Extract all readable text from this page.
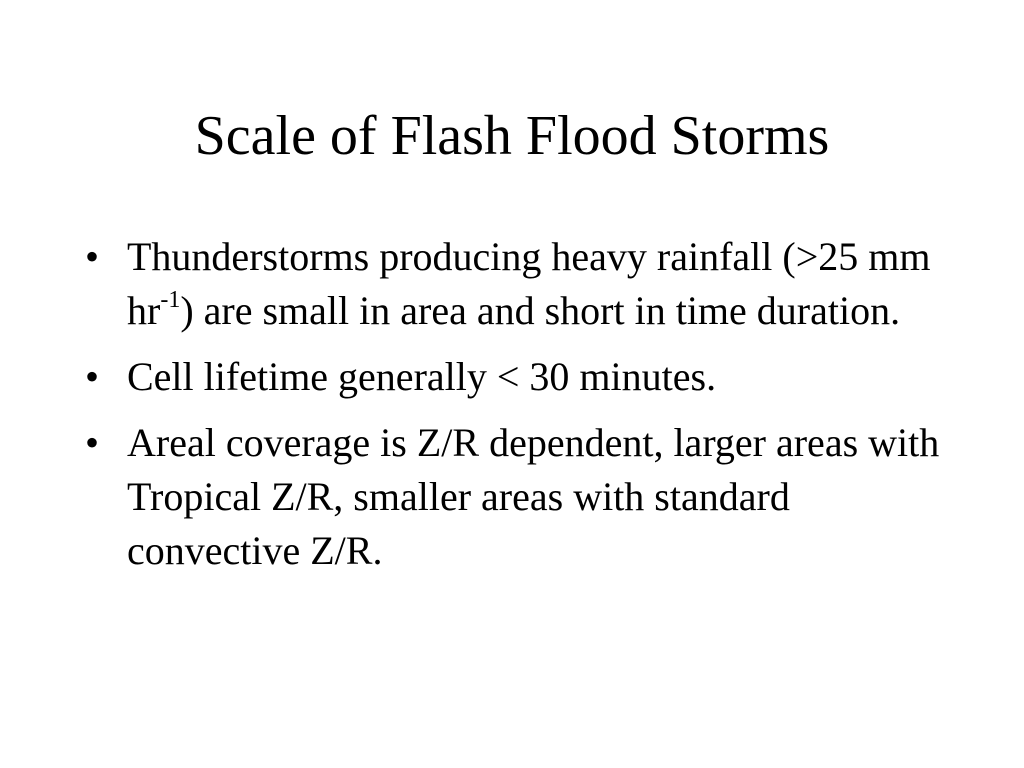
Scale of Flash Flood Storms
• Thunderstorms producing heavy rainfall (>25 mm $hr^{-1}$) are small in area and short in time duration.
• Cell lifetime generally < 30 minutes.
• Areal coverage is Z/R dependent, larger areas with Tropical Z/R, smaller areas with standard convective Z/R.
